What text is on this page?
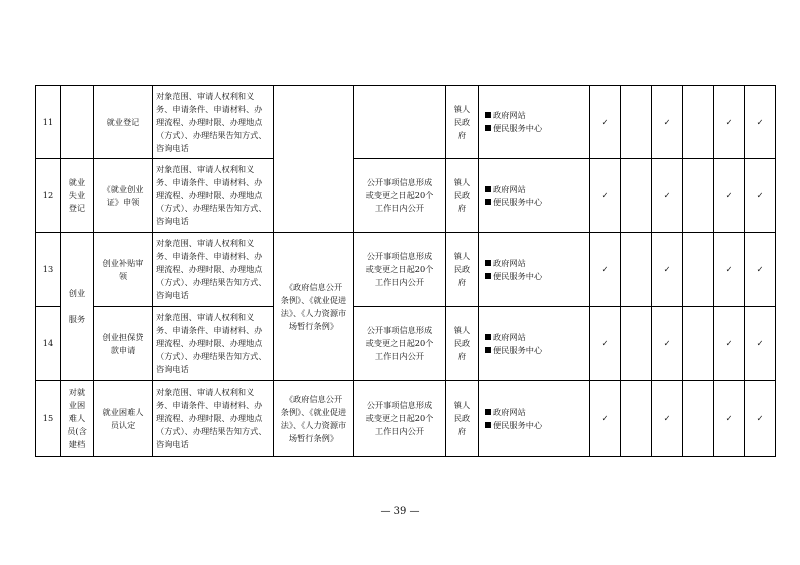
11		就业登记	对象范围、审请人权利和义
务、申请条件、申请材料、办
理流程、办理时限、办理地点
（方式）、办理结果告知方式、
咨询电话			镇人
民政
府	政府网站
便民服务中心	✓		✓		✓	✓
12	就业
失业
登记	《就业创业
证》申领	对象范围、审请人权利和义
务、申请条件、申请材料、办
理流程、办理时限、办理地点
（方式）、办理结果告知方式、
咨询电话		公开事项信息形成
或变更之日起20个
工作日内公开	镇人
民政
府	政府网站
便民服务中心	✓		✓		✓	✓
13	创业

服务	创业补贴审
领	对象范围、审请人权利和义
务、申请条件、申请材料、办
理流程、办理时限、办理地点
（方式）、办理结果告知方式、
咨询电话	《政府信息公开
条例》、《就业促进
法》、《人力资源市
场暂行条例》	公开事项信息形成
或变更之日起20个
工作日内公开	镇人
民政
府	政府网站
便民服务中心	✓		✓		✓	✓
14		创业担保贷
款申请	对象范围、审请人权利和义
务、申请条件、申请材料、办
理流程、办理时限、办理地点
（方式）、办理结果告知方式、
咨询电话		公开事项信息形成
或变更之日起20个
工作日内公开	镇人
民政
府	政府网站
便民服务中心	✓		✓		✓	✓
15	对就
业困
难人
员(含
建档	就业困难人
员认定	对象范围、审请人权利和义
务、申请条件、申请材料、办
理流程、办理时限、办理地点
（方式）、办理结果告知方式、
咨询电话	《政府信息公开
条例》、《就业促进
法》、《人力资源市
场暂行条例》	公开事项信息形成
或变更之日起20个
工作日内公开	镇人
民政
府	政府网站
便民服务中心	✓		✓		✓	✓
— 39 —
